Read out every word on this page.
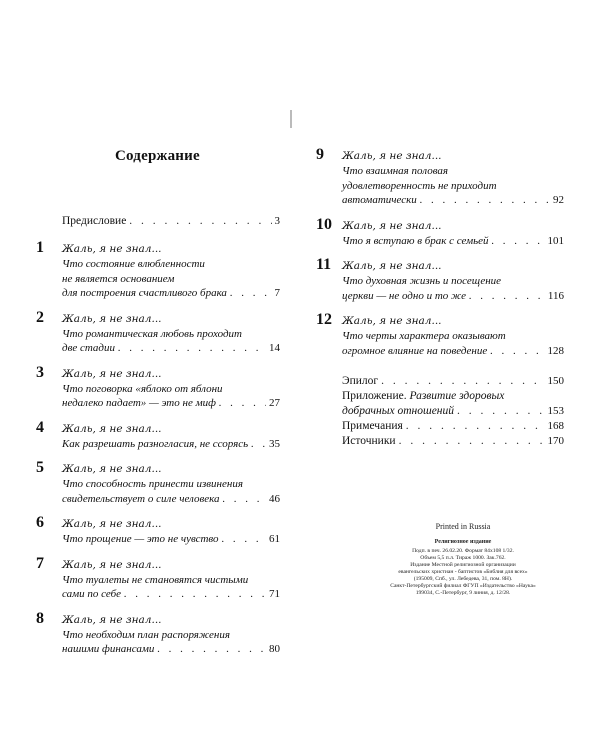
Содержание
Предисловие . . .	3
1	Жаль, я не знал...
Что состояние влюбленности
не является основанием
для построения счастливого брака . . .	7
2	Жаль, я не знал...
Что романтическая любовь проходит
две стадии . . .	14
3	Жаль, я не знал...
Что поговорка «яблоко от яблони
недалеко падает» — это не миф . . .	27
4	Жаль, я не знал...
Как разрешать разногласия, не ссорясь . . . 35
5	Жаль, я не знал...
Что способность принести извинения
свидетельствует о силе человека . . .	46
6	Жаль, я не знал...
Что прощение — это не чувство . . .	61
7	Жаль, я не знал...
Что туалеты не становятся чистыми
сами по себе . . .	71
8	Жаль, я не знал...
Что необходим план распоряжения
нашими финансами . . .	80
9	Жаль, я не знал...
Что взаимная половая
удовлетворенность не приходит
автоматически . . .	92
10 Жаль, я не знал...
Что я вступаю в брак с семьей . . .	101
11	Жаль, я не знал...
Что духовная жизнь и посещение
церкви — не одно и то же . . .	116
12 Жаль, я не знал...
Что черты характера оказывают
огромное влияние на поведение . . .	128
Эпилог . . .	150
Приложение. Развитие здоровых
добрачных отношений . . .	153
Примечания . . .	168
Источники . . .	170
Printed in Russia
Религиозное издание
Подп. в печ. 26.02.20. Формат 84x108 1/32.
Объем 5,5 п.л. Тираж 1000. Зак.762.
Издание Местной религиозной организации
евангельских христиан - баптистов «Библия для всех»
(195009, Спб., ул. Лебедева, 31, пом. 8Н).
Санкт-Петербургский филиал ФГУП «Издательство «Наука»
199034, С.-Петербург, 9 линия, д. 12/28.
